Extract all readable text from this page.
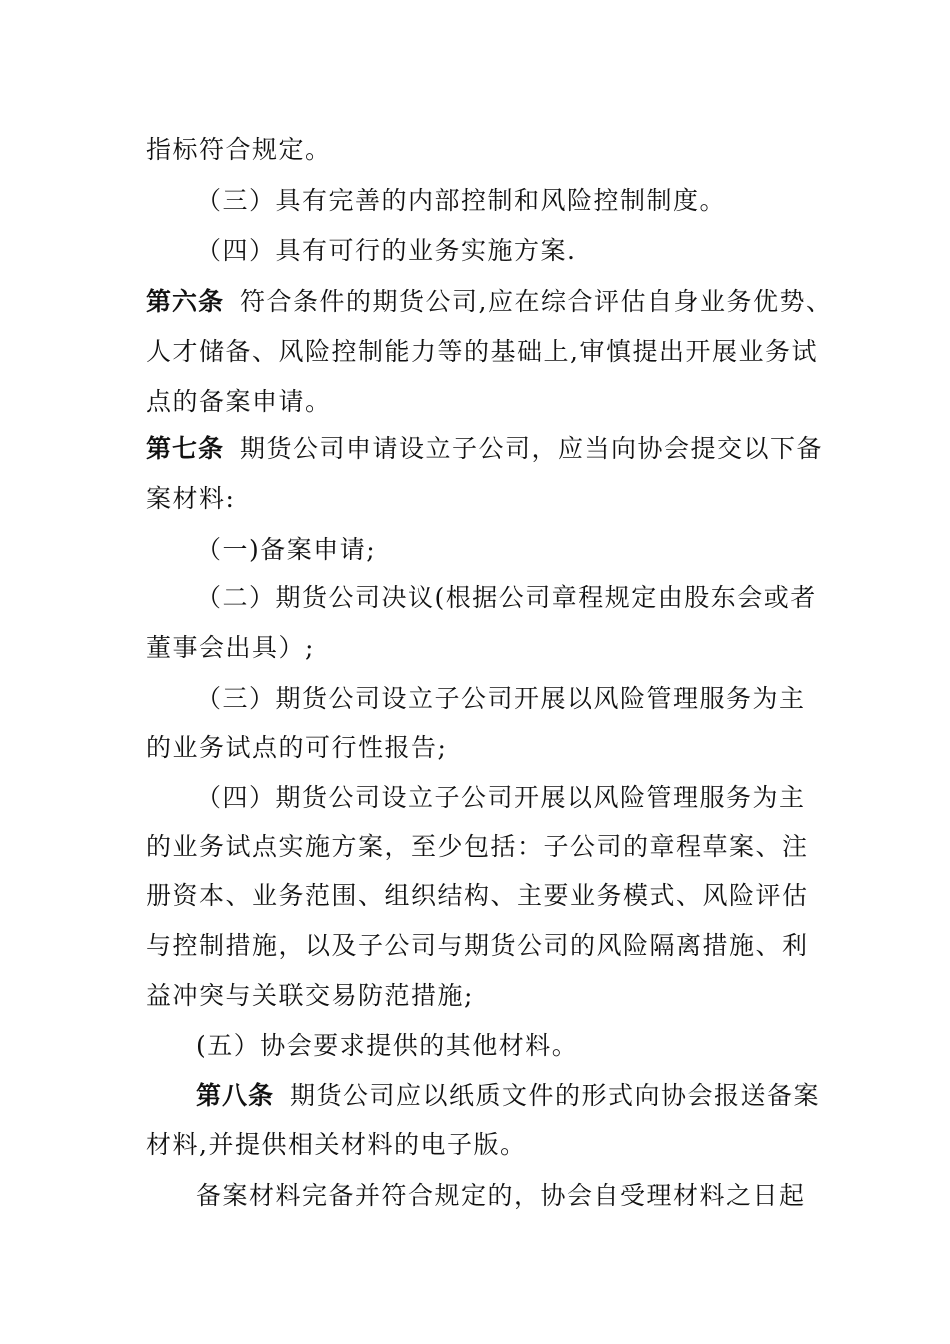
指标符合规定。
（三）具有完善的内部控制和风险控制制度。
（四）具有可行的业务实施方案.
第六条 符合条件的期货公司,应在综合评估自身业务优势、
人才储备、风险控制能力等的基础上,审慎提出开展业务试
点的备案申请。
第七条 期货公司申请设立子公司，应当向协会提交以下备
案材料:
（一)备案申请;
（二）期货公司决议(根据公司章程规定由股东会或者
董事会出具）;
（三）期货公司设立子公司开展以风险管理服务为主
的业务试点的可行性报告;
（四）期货公司设立子公司开展以风险管理服务为主
的业务试点实施方案，至少包括：子公司的章程草案、注
册资本、业务范围、组织结构、主要业务模式、风险评估
与控制措施，以及子公司与期货公司的风险隔离措施、利
益冲突与关联交易防范措施;
(五）协会要求提供的其他材料。
第八条 期货公司应以纸质文件的形式向协会报送备案
材料,并提供相关材料的电子版。
备案材料完备并符合规定的，协会自受理材料之日起
